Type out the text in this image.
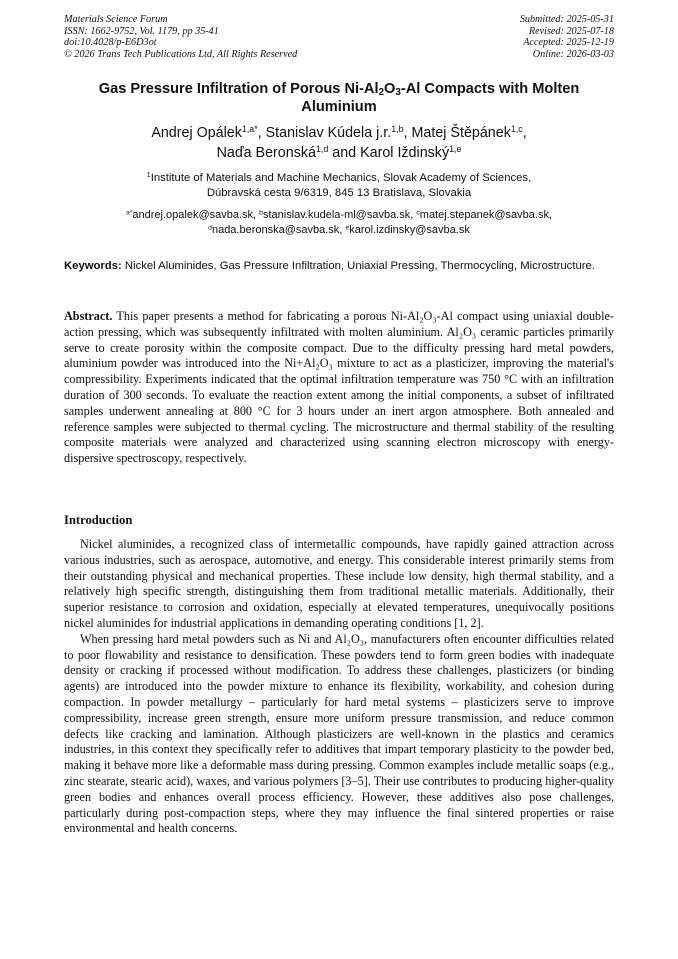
Materials Science Forum
ISSN: 1662-9752, Vol. 1179, pp 35-41
doi:10.4028/p-E6D3ot
© 2026 Trans Tech Publications Ltd, All Rights Reserved
Submitted: 2025-05-31
Revised: 2025-07-18
Accepted: 2025-12-19
Online: 2026-03-03
Gas Pressure Infiltration of Porous $Ni-Al_2O_3-Al$ Compacts with Molten Aluminium
Andrej Opálek$^{1,a*}$, Stanislav Kúdela j.r.$^{1,b}$, Matej Štěpánek$^{1,c}$,
Naďa Beronská$^{1,d}$ and Karol Iždinský$^{1,e}$
$^1$Institute of Materials and Machine Mechanics, Slovak Academy of Sciences,
Dúbravská cesta 9/6319, 845 13 Bratislava, Slovakia
$^{a*}$andrej.opalek@savba.sk, $^b$stanislav.kudela-ml@savba.sk, $^c$matej.stepanek@savba.sk,
$^d$nada.beronska@savba.sk, $^e$karol.izdinsky@savba.sk
Keywords: Nickel Aluminides, Gas Pressure Infiltration, Uniaxial Pressing, Thermocycling, Microstructure.
Abstract. This paper presents a method for fabricating a porous Ni-Al₂O₃-Al compact using uniaxial double-action pressing, which was subsequently infiltrated with molten aluminium. Al₂O₃ ceramic particles primarily serve to create porosity within the composite compact. Due to the difficulty pressing hard metal powders, aluminium powder was introduced into the Ni+Al₂O₃ mixture to act as a plasticizer, improving the material's compressibility. Experiments indicated that the optimal infiltration temperature was 750 °C with an infiltration duration of 300 seconds. To evaluate the reaction extent among the initial components, a subset of infiltrated samples underwent annealing at 800 °C for 3 hours under an inert argon atmosphere. Both annealed and reference samples were subjected to thermal cycling. The microstructure and thermal stability of the resulting composite materials were analyzed and characterized using scanning electron microscopy with energy-dispersive spectroscopy, respectively.
Introduction

Nickel aluminides, a recognized class of intermetallic compounds, have rapidly gained attraction across various industries, such as aerospace, automotive, and energy. This considerable interest primarily stems from their outstanding physical and mechanical properties. These include low density, high thermal stability, and a relatively high specific strength, distinguishing them from traditional metallic materials. Additionally, their superior resistance to corrosion and oxidation, especially at elevated temperatures, unequivocally positions nickel aluminides for industrial applications in demanding operating conditions [1, 2].

When pressing hard metal powders such as Ni and Al₂O₃, manufacturers often encounter difficulties related to poor flowability and resistance to densification. These powders tend to form green bodies with inadequate density or cracking if processed without modification. To address these challenges, plasticizers (or binding agents) are introduced into the powder mixture to enhance its flexibility, workability, and cohesion during compaction. In powder metallurgy – particularly for hard metal systems – plasticizers serve to improve compressibility, increase green strength, ensure more uniform pressure transmission, and reduce common defects like cracking and lamination. Although plasticizers are well-known in the plastics and ceramics industries, in this context they specifically refer to additives that impart temporary plasticity to the powder bed, making it behave more like a deformable mass during pressing. Common examples include metallic soaps (e.g., zinc stearate, stearic acid), waxes, and various polymers [3–5]. Their use contributes to producing higher-quality green bodies and enhances overall process efficiency. However, these additives also pose challenges, particularly during post-compaction steps, where they may influence the final sintered properties or raise environmental and health concerns.
